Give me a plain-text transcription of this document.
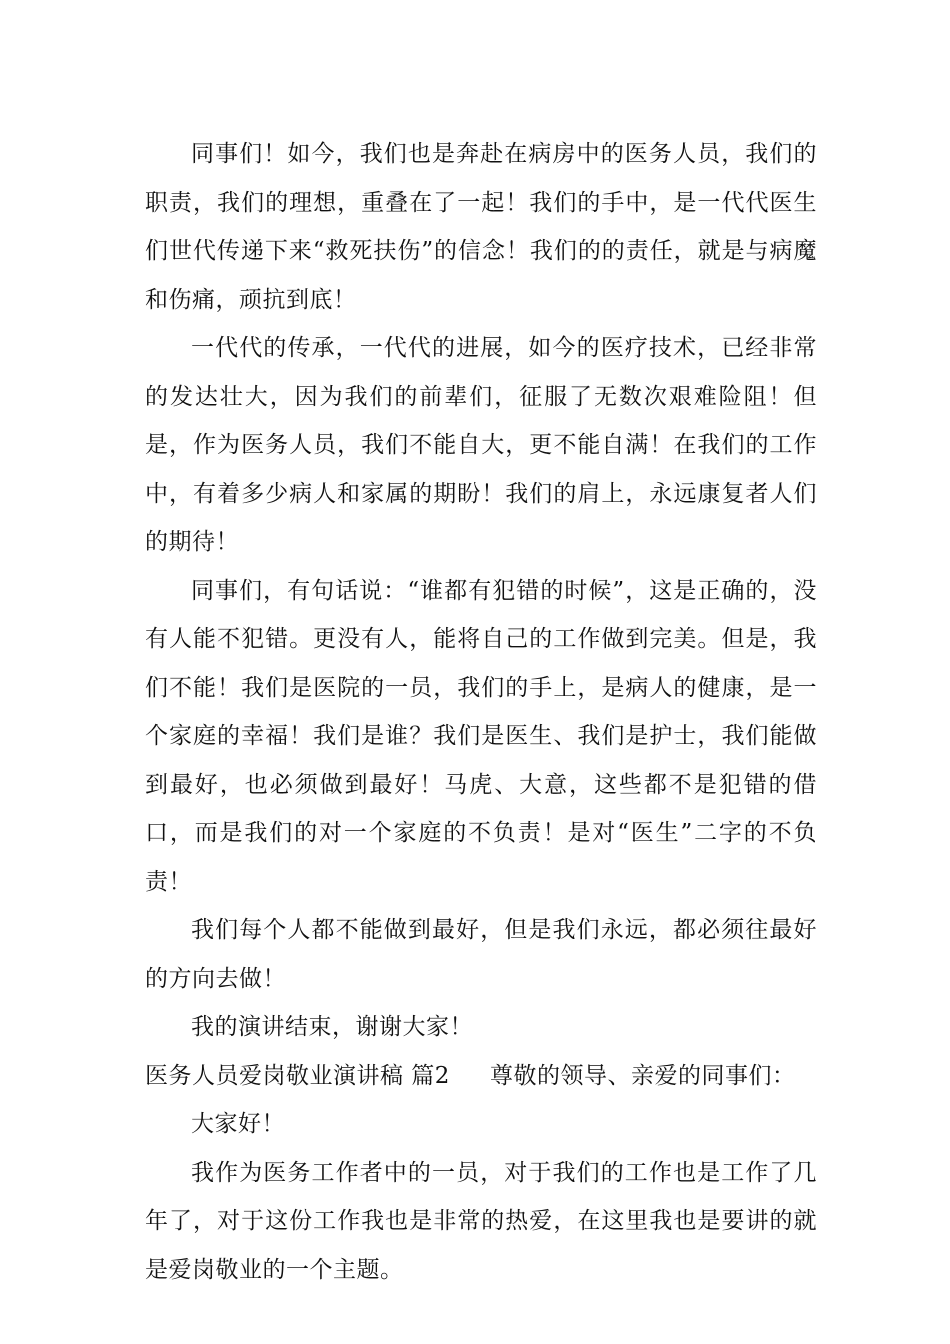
同事们！如今，我们也是奔赴在病房中的医务人员，我们的职责，我们的理想，重叠在了一起！我们的手中，是一代代医生们世代传递下来“救死扶伤”的信念！我们的的责任，就是与病魔和伤痛，顽抗到底！

一代代的传承，一代代的进展，如今的医疗技术，已经非常的发达壮大，因为我们的前辈们，征服了无数次艰难险阻！但是，作为医务人员，我们不能自大，更不能自满！在我们的工作中，有着多少病人和家属的期盼！我们的肩上，永远康复者人们的期待！

同事们，有句话说：“谁都有犯错的时候”，这是正确的，没有人能不犯错。更没有人，能将自己的工作做到完美。但是，我们不能！我们是医院的一员，我们的手上，是病人的健康，是一个家庭的幸福！我们是谁？我们是医生、我们是护士，我们能做到最好，也必须做到最好！马虎、大意，这些都不是犯错的借口，而是我们的对一个家庭的不负责！是对“医生”二字的不负责！

我们每个人都不能做到最好，但是我们永远，都必须往最好的方向去做！

我的演讲结束，谢谢大家！

医务人员爱岗敬业演讲稿 篇2 尊敬的领导、亲爱的同事们：

大家好！

我作为医务工作者中的一员，对于我们的工作也是工作了几年了，对于这份工作我也是非常的热爱，在这里我也是要讲的就是爱岗敬业的一个主题。
